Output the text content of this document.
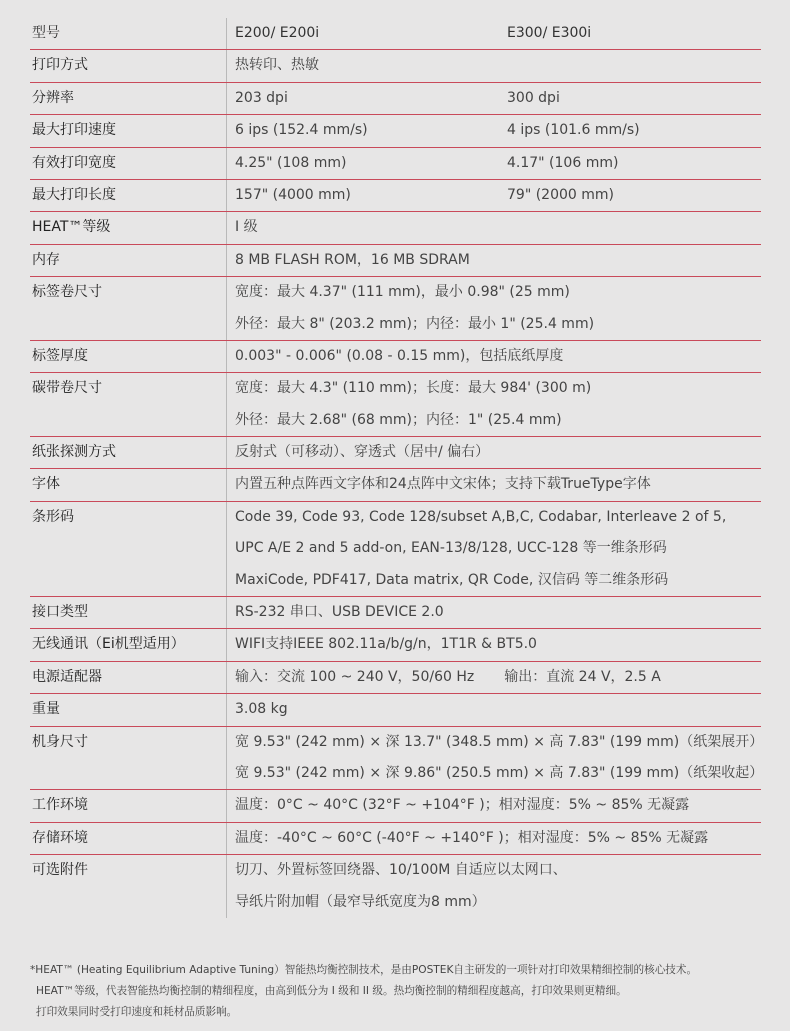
型号	E200/ E200i	E300/ E300i
打印方式	热转印、热敏
分辨率	203 dpi	300 dpi
最大打印速度	6 ips (152.4 mm/s)	4 ips (101.6 mm/s)
有效打印宽度	4.25" (108 mm)	4.17" (106 mm)
最大打印长度	157" (4000 mm)	79" (2000 mm)
HEAT™等级	I 级
内存	8 MB FLASH ROM，16 MB SDRAM
标签卷尺寸	宽度：最大 4.37" (111 mm)，最小 0.98" (25 mm)
外径：最大 8" (203.2 mm)；内径：最小 1" (25.4 mm)
标签厚度	0.003" - 0.006" (0.08 - 0.15 mm)，包括底纸厚度
碳带卷尺寸	宽度：最大 4.3" (110 mm)；长度：最大 984' (300 m)
外径：最大 2.68" (68 mm)；内径：1" (25.4 mm)
纸张探测方式	反射式（可移动）、穿透式（居中/ 偏右）
字体	内置五种点阵西文字体和24点阵中文宋体；支持下载TrueType字体
条形码	Code 39, Code 93, Code 128/subset A,B,C, Codabar, Interleave 2 of 5,
UPC A/E 2 and 5 add-on, EAN-13/8/128, UCC-128 等一维条形码
MaxiCode, PDF417, Data matrix, QR Code, 汉信码 等二维条形码
接口类型	RS-232 串口、USB DEVICE 2.0
无线通讯（Ei机型适用）	WIFI支持IEEE 802.11a/b/g/n，1T1R & BT5.0
电源适配器	输入：交流 100 ~ 240 V，50/60 Hz 输出：直流 24 V，2.5 A
重量	3.08 kg
机身尺寸	宽 9.53" (242 mm) × 深 13.7" (348.5 mm) × 高 7.83" (199 mm)（纸架展开）
宽 9.53" (242 mm) × 深 9.86" (250.5 mm) × 高 7.83" (199 mm)（纸架收起）
工作环境	温度：0°C ~ 40°C (32°F ~ +104°F )；相对湿度：5% ~ 85% 无凝露
存储环境	温度：-40°C ~ 60°C (-40°F ~ +140°F )；相对湿度：5% ~ 85% 无凝露
可选附件	切刀、外置标签回绕器、10/100M 自适应以太网口、
导纸片附加帽（最窄导纸宽度为8 mm）
*HEAT™ (Heating Equilibrium Adaptive Tuning）智能热均衡控制技术，是由POSTEK自主研发的一项针对打印效果精细控制的核心技术。
HEAT™等级，代表智能热均衡控制的精细程度，由高到低分为 I 级和 II 级。热均衡控制的精细程度越高，打印效果则更精细。
打印效果同时受打印速度和耗材品质影响。
